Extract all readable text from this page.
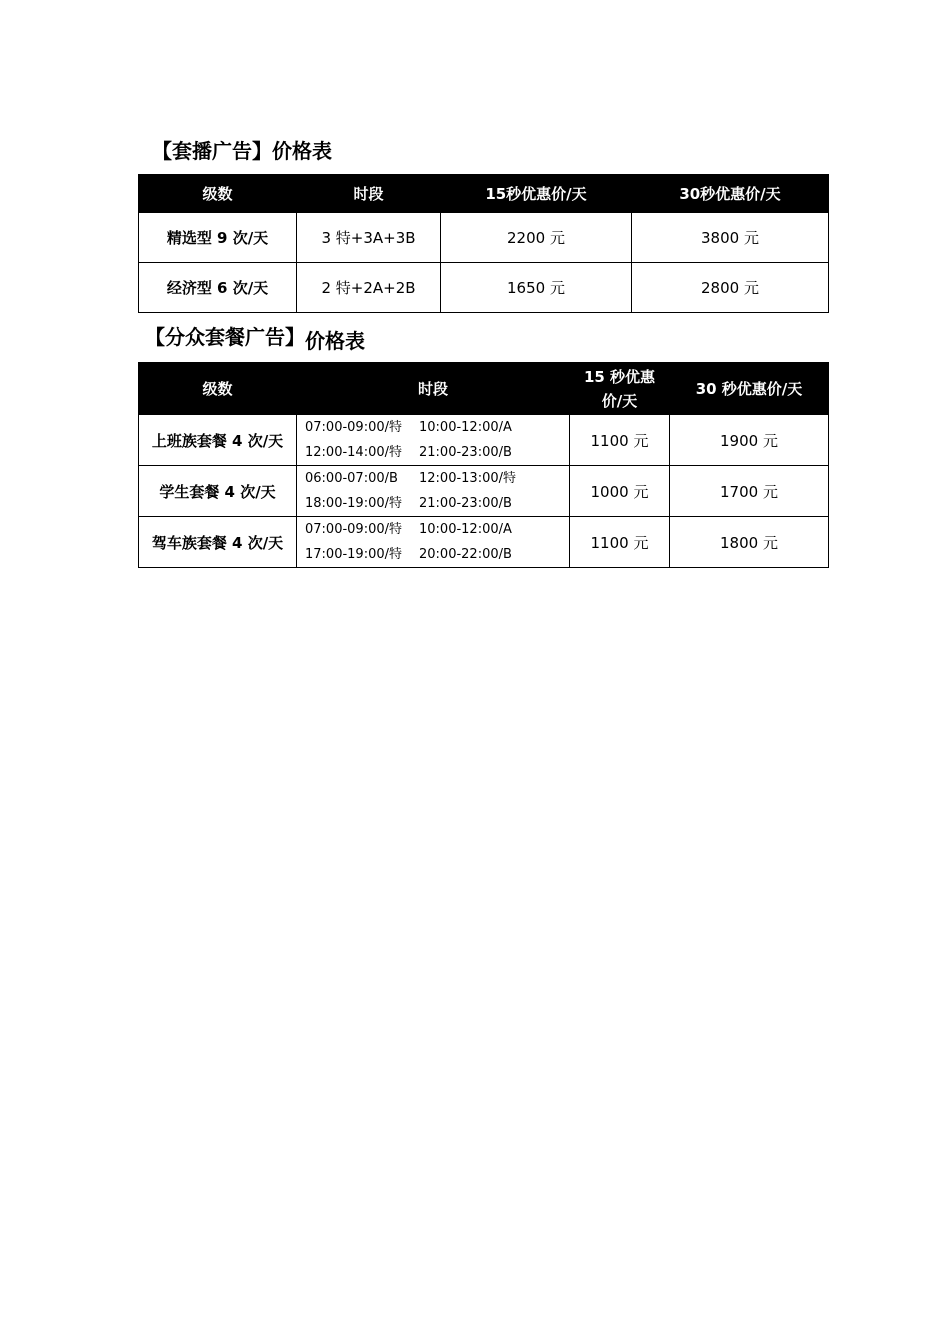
【套播广告】价格表
级数	时段	15秒优惠价/天	30秒优惠价/天
精选型 9 次/天	3 特+3A+3B	2200 元	3800 元
经济型 6 次/天	2 特+2A+2B	1650 元	2800 元
【分众套餐广告】价格表
级数	时段	15 秒优惠
价/天	30 秒优惠价/天
上班族套餐 4 次/天	07:00-09:00/特 10:00-12:00/A
12:00-14:00/特 21:00-23:00/B	1100 元	1900 元
学生套餐 4 次/天	06:00-07:00/B 12:00-13:00/特
18:00-19:00/特 21:00-23:00/B	1000 元	1700 元
驾车族套餐 4 次/天	07:00-09:00/特 10:00-12:00/A
17:00-19:00/特 20:00-22:00/B	1100 元	1800 元
